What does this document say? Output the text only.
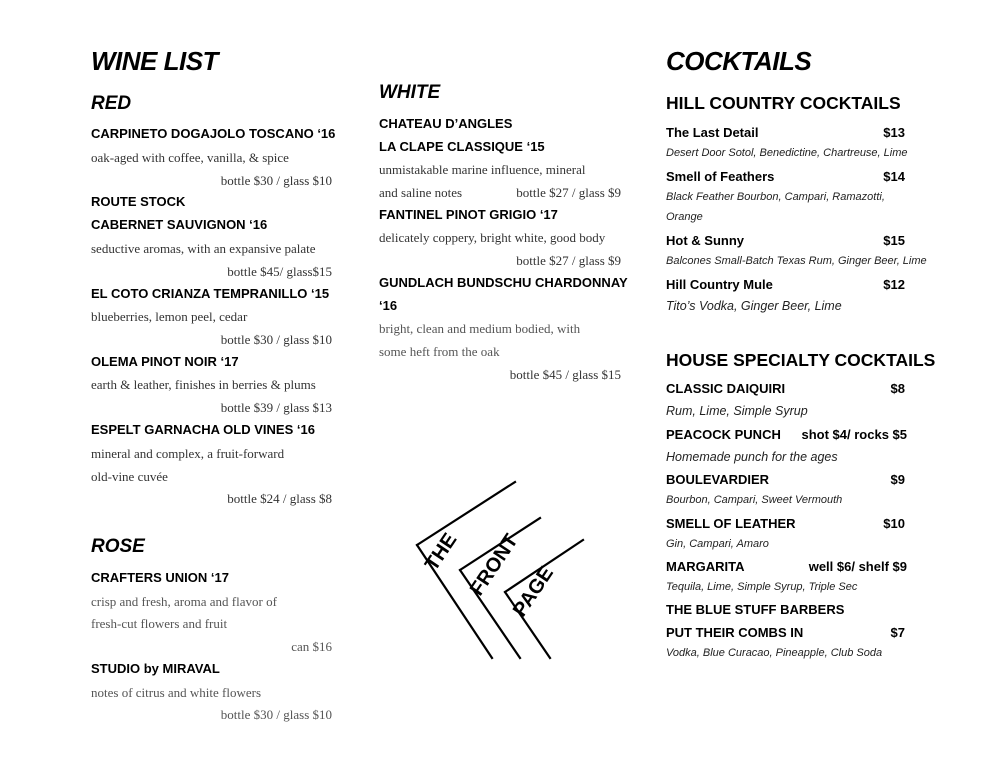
WINE LIST
RED
CARPINETO DOGAJOLO TOSCANO ‘16
oak-aged with coffee, vanilla, & spice
bottle $30 / glass $10
ROUTE STOCK
CABERNET SAUVIGNON ‘16
seductive aromas, with an expansive palate
bottle $45/ glass$15
EL COTO CRIANZA TEMPRANILLO ‘15
blueberries, lemon peel, cedar
bottle $30 / glass $10
OLEMA PINOT NOIR ‘17
earth & leather, finishes in berries & plums
bottle $39 / glass $13
ESPELT GARNACHA OLD VINES ‘16
mineral and complex, a fruit-forward
old-vine cuvée
bottle $24 / glass $8
ROSE
CRAFTERS UNION ‘17
crisp and fresh, aroma and flavor of
fresh-cut flowers and fruit
can $16
STUDIO by MIRAVAL
notes of citrus and white flowers
bottle $30 / glass $10
WHITE
CHATEAU D’ANGLES
LA CLAPE CLASSIQUE ‘15
unmistakable marine influence, mineral
and saline notes	bottle $27 / glass $9
FANTINEL PINOT GRIGIO ‘17
delicately coppery, bright white, good body
bottle $27 / glass $9
GUNDLACH BUNDSCHU CHARDONNAY
‘16
bright, clean and medium bodied, with
some heft from the oak
bottle $45 / glass $15
THE FRONT
PAGE
COCKTAILS
HILL COUNTRY COCKTAILS
The Last Detail	$13
Desert Door Sotol, Benedictine, Chartreuse, Lime
Smell of Feathers	$14
Black Feather Bourbon, Campari, Ramazotti,
Orange
Hot & Sunny	$15
Balcones Small-Batch Texas Rum, Ginger Beer, Lime
Hill Country Mule	$12
Tito’s Vodka, Ginger Beer, Lime
HOUSE SPECIALTY COCKTAILS
CLASSIC DAIQUIRI	$8
Rum, Lime, Simple Syrup
PEACOCK PUNCH	shot $4/ rocks $5
Homemade punch for the ages
BOULEVARDIER	$9
Bourbon, Campari, Sweet Vermouth
SMELL OF LEATHER	$10
Gin, Campari, Amaro
MARGARITA	well $6/ shelf $9
Tequila, Lime, Simple Syrup, Triple Sec
THE BLUE STUFF BARBERS
PUT THEIR COMBS IN	$7
Vodka, Blue Curacao, Pineapple, Club Soda
